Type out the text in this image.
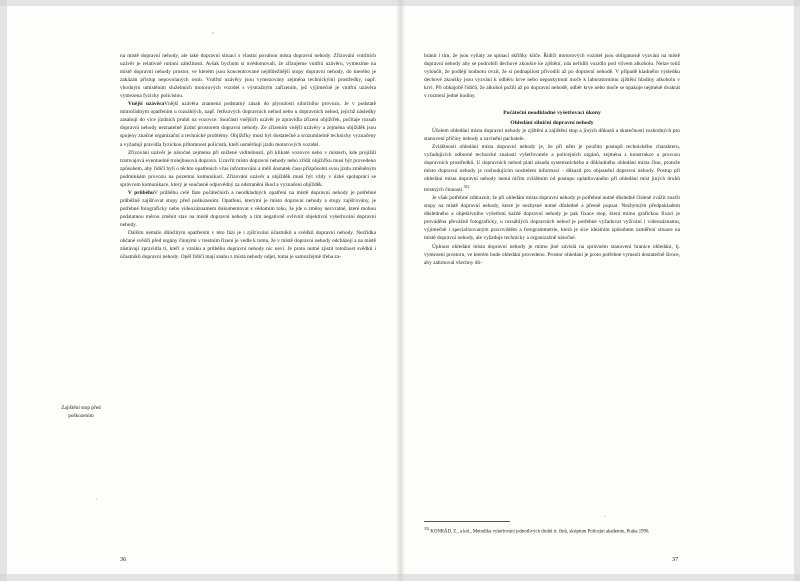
na místě dopravní nehody, ale také dopravní situací s vlastní povahou místa dopravní nehody. Zřizování vnitřních uzávěr je relativně rutinní záležitostí. Avšak bychom si uvědomovali, že zřizujeme vnitřní uzávěru, vymezíme na místě dopravní nehody prostor, ve kterém jsou koncentrované nejdůležitější stopy dopravní nehody, do kterého je zakázán přístup nepovolaných osob. Vnitřní uzávěry jsou vymezovány zejména technickými prostředky, např. vhodným umístěním služebních motorových vozidel s výstražným zařízením, jež výjimečně je vnitřní uzávěra vymezena fyzicky policistou.

Vnější uzávěraVnější uzávěra znamená podstatný zásah do plynulosti silničního provozu. Je v podstatě mimořádným opatřením u rozsáhlých, např. řetězových dopravních nehod nebo u dopravních nehod, jejichž následky zasahují do více jízdních pruhů na vozovce. Součástí vnějších uzávěr je zpravidla zřízení objížďek, počítaje rozsah dopravní nehody neznatelně jízdní prostorem dopravní nehody. Ze zřízením vnější uzávěry a zejména objížděk jsou spojeny značné organizační a technické problémy. Objížďky musí být dostatečně a srozumitelně technicky vyznačeny a vyžadují pravidla fyzickou přítomnost policistů, kteří usměrňují jízdu motorových vozidel.

Zřizování uzávěr je náročné zejména při snížené viditelnosti, při klikaté vozovce nebo v místech, kde projíždí tramvajová eventuelně trolejbusová doprava. Uzavřít místo dopravní nehody nebo zřídit objížďku musí být provedeno způsobem, aby řidiči byli o těchto opatřeních včas informováni a měli dostatek času přizpůsobit svou jízdu změněným podmínkám provozu na pozemní komunikaci. Zřizování uzávěr a objížděk musí být vždy v úzké spolupráci se správcem komunikace, který je současně odpovědný za odstranění škod a vyznačení objížděk.

V průběhuV průběhu celé fáze počátečních a neodkladných opatření na místě dopravní nehody je potřebné průběžně zajišťovat stopy před poškozením. Opatření, kterými je místo dopravní nehody a stopy zajišťovány, je potřebné fotograficky nebo videozáznamem dokumentovat s vědomím toho, že jde o změny nezvratné, které mohou podstatnou měrou změnit stav na místě dopravní nehody a tím negativně ovlivnit objektivní vyšetřování dopravní nehody.

Dalším nemálo důležitým opatřením v této fázi je i zjišťování účastníků a svědků dopravní nehody. Nezřídka občané svědčí před orgány činnými v trestním řízení je vedle k tomu, že v místě dopravní nehody odcházejí a na místě zůstávají zpravidla ti, kteří o vzniku a průběhu dopravní nehody nic neví. Je proto nutné zjistit totožnost svědků i účastníků dopravní nehody. Opěl řidiči mají snahu z místa nehody odjet, toma je samozřejmě třeba za-

Zajištění stop před poškozením
36

bránit i tím, že jsou vyňaty ze spínací skříňky klíče. Řidiči motorových vozidel jsou obligatorně vyzváni na místě dopravní nehody aby se podrobili dechové zkoušce ke zjištění, zda neřídili vozidlo pod vlivem alkoholu. Nelze totiž vyloučit, že podléjí hodnotu ovzít, že si podnapilost přivodili až po dopravní nehodě. V případě kladného výsledku dechové zkoušky jsou vyzváni k odběru krve nebo neposkytnutí moče k laboratornímu zjištění hladiny alkoholu v krvi. Při obhajobě řidičů, že alkohol požili až po dopravní nehodě, odběr krve nebo moče se opakuje nejméně dvakrát v rozmezí jedné hodiny.

Počáteční neodkladné vyšetřovací úkony

Ohledání silniční dopravní nehody

Účelem ohledání místa dopravní nehody je zjištění a zajištění stop a jiných důkazů a skutečností rozhodných pro stanovení příčiny nehody a zavinění pachatele.

Zvláštnosti ohledání místa dopravní nehody je, že při něm je použito postupů technického charakteru, vyžadujících odborné technické znalosti vyšetřovatele a policejních orgánů, zejména z konstrukce a provozu dopravních prostředků. U dopravních nehod platí zásada systematického a důkladného ohledání místa činu, protože místo dopravní nehody je rozhodujícím nositelem informací - důkazů pro objasnění dopravní nehody. Postup při ohledání místa dopravní nehody nemá ničím zvláštním od postupu uplatňovaného při ohledání míst jiných druhů trestných činností.$^{35)}$

Je však potřebné zdůraznit, že při ohledání místa dopravní nehody je potřebné nutné důsledně čísleně zvážit značit stopy na místě dopravní nehody, které je nezbytné nutné důsledně a přesně popsat. Nezbytným předpokladem důsledného a objektivního vyšetření každé dopravní nehody je pak fixace stop, která mimo grafickou fixaci je prováděna převážně fotograficky, u rozsáhlých dopravních nehod je potřebné vyžadovat vyžívání i videozáznamu, výjimečně i specializovaným pracovištěm a fotogrammetrie, která je sice ideálním způsobem zaměření situace na místě dopravní nehody, ale vyžaduje technicky a organizačně náročné.

Úplnost ohledání místa dopravní nehody je mimo jiné závislá na správném stanovení hranice ohledání, tj. vymezení prostoru, ve kterém bude ohledání provedeno. Prostor ohledání je proto potřebné vymezit dostatečně široce, aby zahrnoval všechny dů-

$^{35)}$ KONRÁD, Z., a kol., Metodika vyšetřování jednotlivých druhů tr. činů, skriptum Policejní akademie, Praha 1996.
37
